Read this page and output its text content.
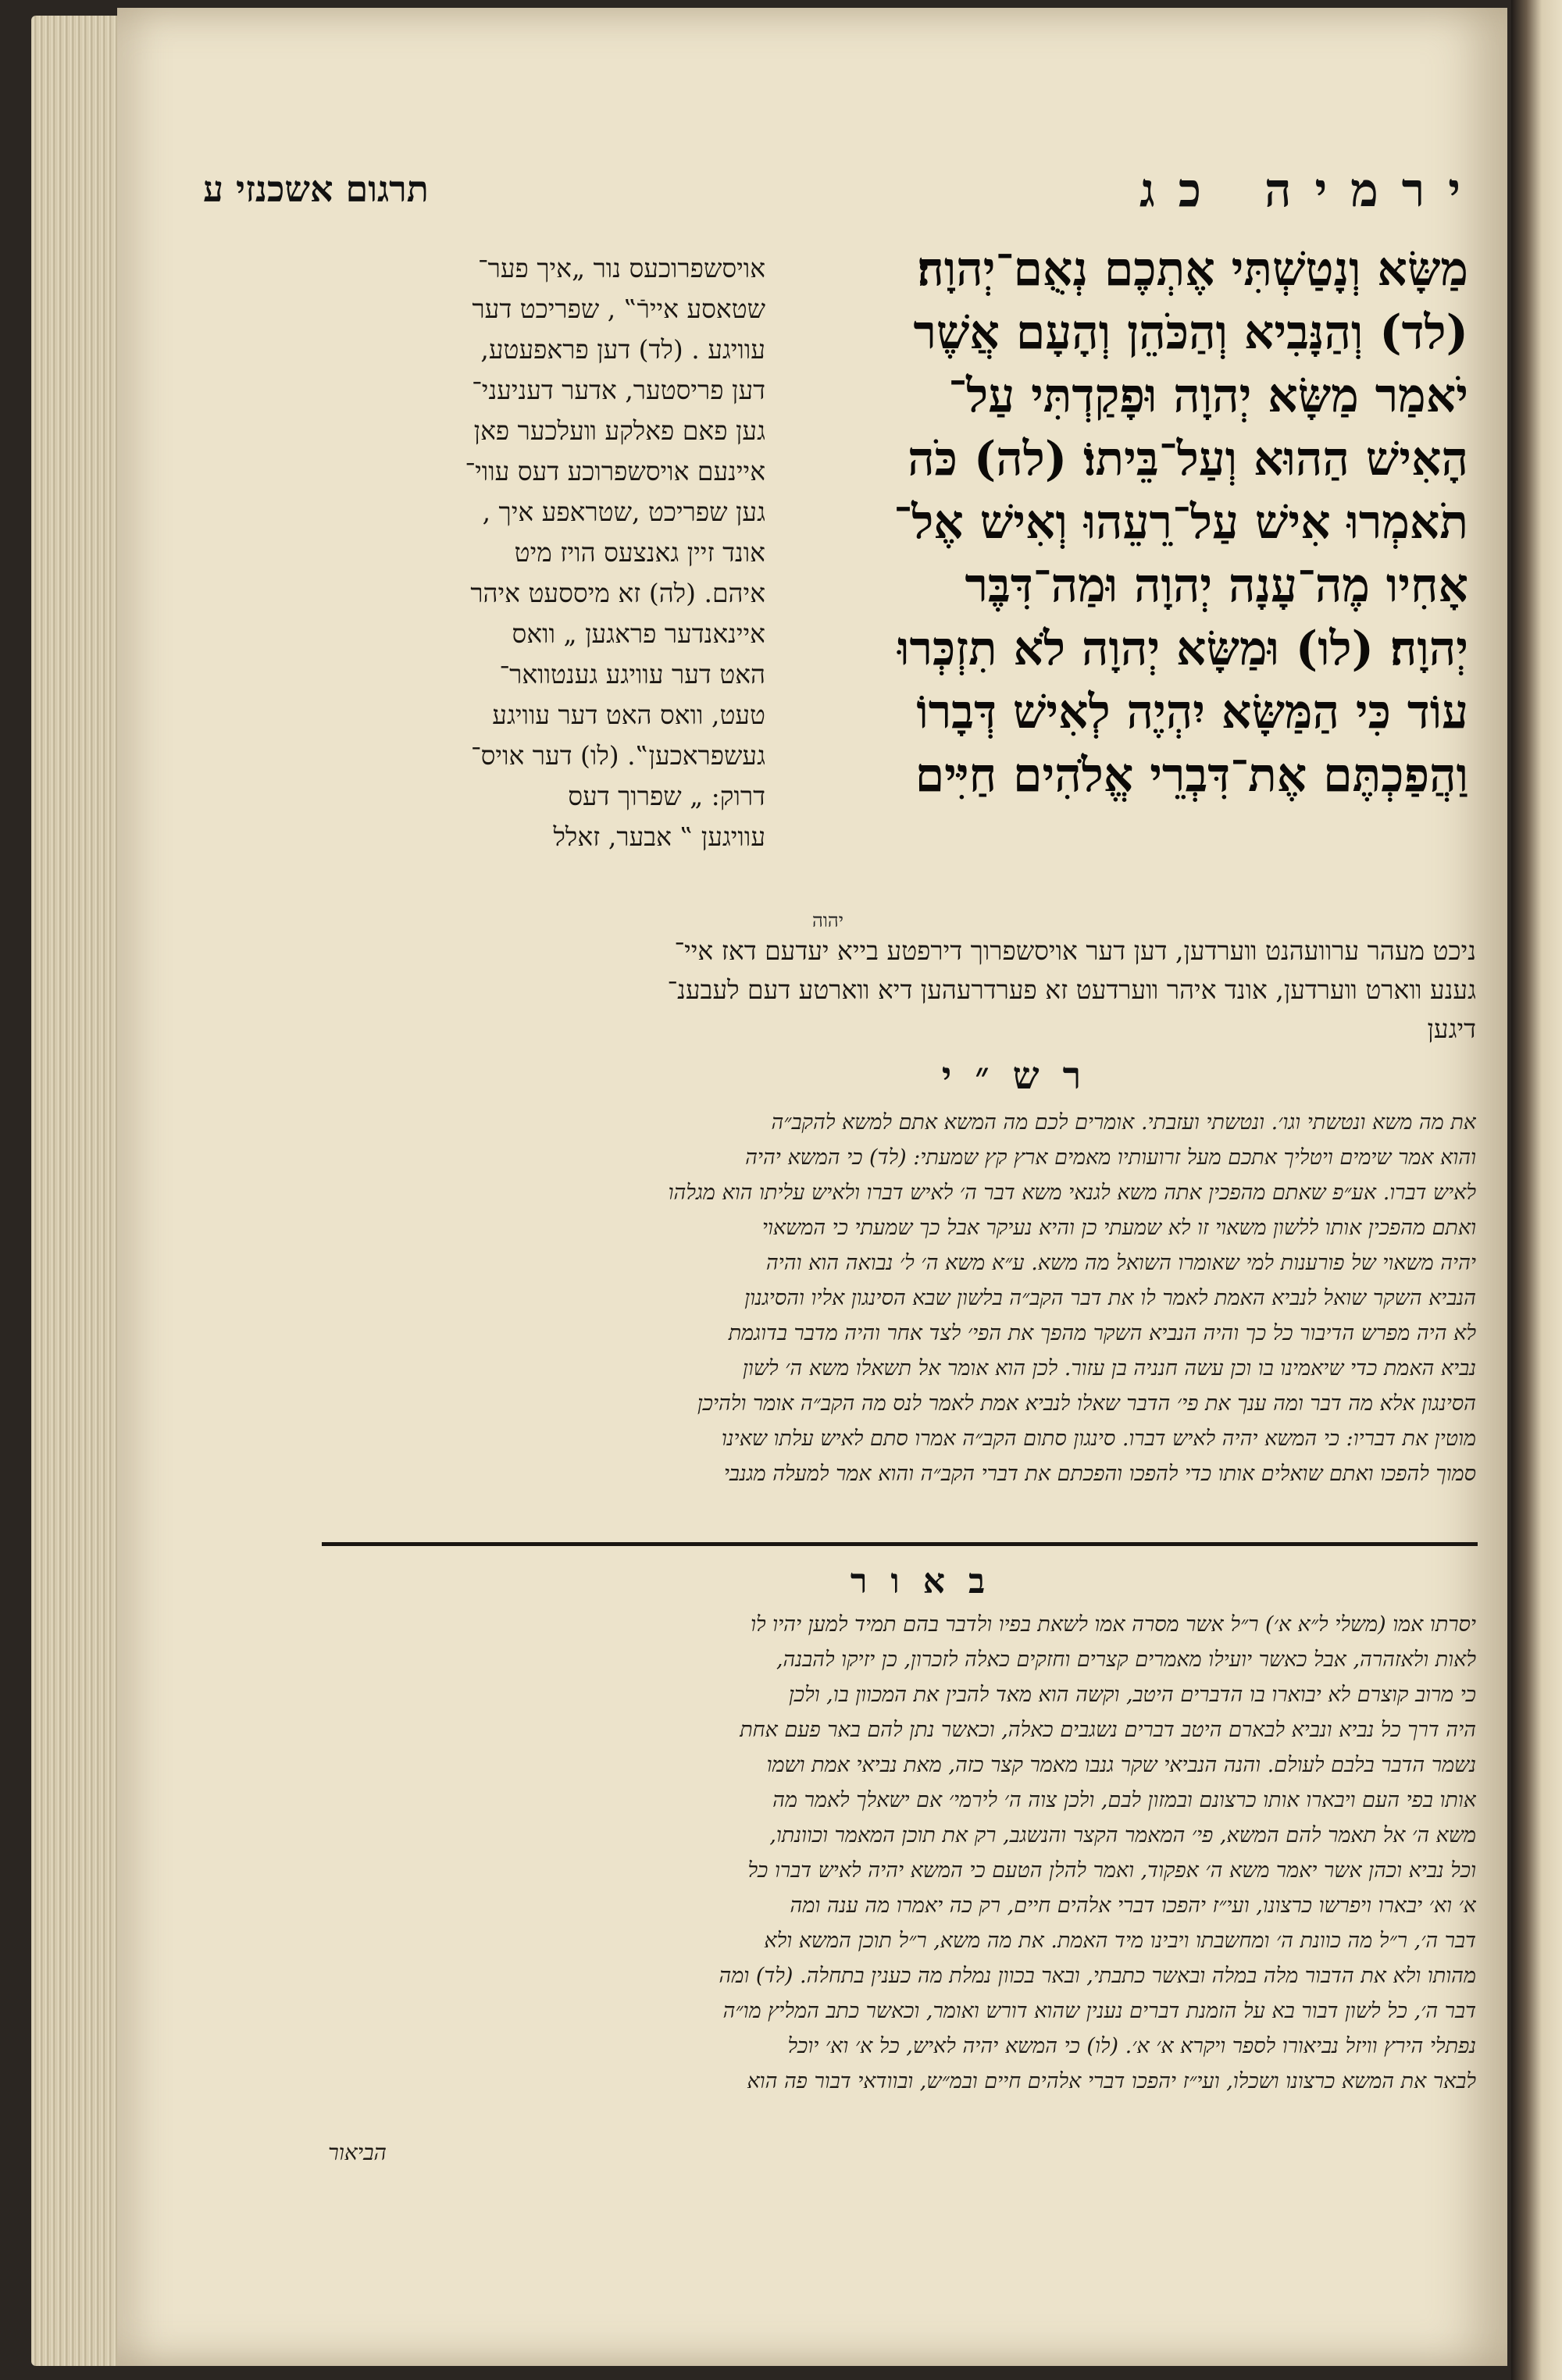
תרגום אשכנזי ע	ירמיה כג
מַשָּׂא וְנָטַשְׁתִּי אֶתְכֶם נְאֻם־יְהוָה׃
(לד) וְהַנָּבִיא וְהַכֹּהֵן וְהָעָם אֲשֶׁר
יֹאמַר מַשָּׂא יְהוָה וּפָקַדְתִּי עַל־
הָאִישׁ הַהוּא וְעַל־בֵּיתוֹ׃ (לה) כֹּה
תֹאמְרוּ אִישׁ עַל־רֵעֵהוּ וְאִישׁ אֶל־
אָחִיו מֶה־עָנָה יְהוָה וּמַה־דִּבֶּר
יְהוָה׃ (לו) וּמַשָּׂא יְהוָה לֹא תִזְכְּרוּ
עוֹד כִּי הַמַּשָּׂא יִהְיֶה לְאִישׁ דְּבָרוֹ
וַהֲפַכְתֶּם אֶת־דִּבְרֵי אֱלֹהִים חַיִּים
יהוה
אויסשפרוכעס נור „איך פער־
שטאסע איירֿ‟ , שפריכט דער
עוויגע . (לד) דען פראפעטע,
דען פריסטער, אדער דעניעני־
גען פאם פאלקע װעלכער פאן
איינעם אויסשפרוכע דעס עווי־
גען שפריכט ,שטראפע איך ,
אונד זיין גאנצעס הויז מיט
איהם. (לה) זא מיססעט איהר
איינאנדער פראגען „ וואס
האט דער עוויגע גענטוואר־
טעט, וואס האט דער עוויגע
געשפראכען‟. (לו) דער אויס־
דרוק: „ שפרוך דעס
עוויגען ‟ אבער, זאלל
ניכט מעהר ערוועהנט װערדען, דען דער אויסשפרוך דירפטע בייא יעדעם דאז איי־
גענע װארט װערדען, אונד איהר װערדעט זא פערדרעהען דיא װארטע דעם לעבענ־
דיגען
רש״י
את מה משא ונטשתי וגו׳. ונטשתי ועזבתי. אומרים לכם מה המשא אתם למשא להקב״ה
והוא אמר שימים ויטליך אתכם מעל זרועותיו מאמים ארץ קץ שמעתי: (לד) כי המשא יהיה
לאיש דברו. אע״פ שאתם מהפכין אתה משא לגנאי משא דבר ה׳ לאיש דברו ולאיש עליתו הוא מגלהו
ואתם מהפכין אותו ללשון משאוי זו לא שמעתי כן והיא נעיקר אבל כך שמעתי כי המשאוי
יהיה משאוי של פורענות למי שאומרו השואל מה משא. ע״א משא ה׳ ל׳ נבואה הוא והיה
הנביא השקר שואל לנביא האמת לאמר לו את דבר הקב״ה בלשון שבא הסינגון אליו והסיגנון
לא היה מפרש הדיבור כל כך והיה הנביא השקר מהפך את הפי׳ לצד אחר והיה מדבר בדוגמת
נביא האמת כדי שיאמינו בו וכן עשה חנניה בן עזור. לכן הוא אומר אל תשאלו משא ה׳ לשון
הסינגון אלא מה דבר ומה ענך את פי׳ הדבר שאלו לנביא אמת לאמר לנס מה הקב״ה אומר ולהיכן
מוטין את דבריו: כי המשא יהיה לאיש דברו. סינגון סתום הקב״ה אמרו סתם לאיש עלתו שאינו
סמוך להפכו ואתם שואלים אותו כדי להפכו והפכתם את דברי הקב״ה והוא אמר למעלה מגנבי
באור
יסרתו אמו (משלי ל״א א׳) ר״ל אשר מסרה אמו לשאת בפיו ולדבר בהם תמיד למען יהיו לו
לאות ולאזהרה, אבל כאשר יועילו מאמרים קצרים וחזקים כאלה לזכרון, כן יזיקו להבנה,
כי מרוב קוצרם לא יבוארו בו הדברים היטב, וקשה הוא מאד להבין את המכוון בו, ולכן
היה דרך כל נביא ונביא לבארם היטב דברים נשגבים כאלה, וכאשר נתן להם באר פעם אחת
נשמר הדבר בלבם לעולם. והנה הנביאי שקר גנבו מאמר קצר כזה, מאת נביאי אמת ושמו
אותו בפי העם ויבארו אותו כרצונם ובמזון לבם, ולכן צוה ה׳ לירמי׳ אם ישאלך לאמר מה
משא ה׳ אל תאמר להם המשא, פי׳ המאמר הקצר והנשגב, רק את תוכן המאמר וכוונתו,
וכל נביא וכהן אשר יאמר משא ה׳ אפקוד, ואמר להלן הטעם כי המשא יהיה לאיש דברו כל
א׳ וא׳ יבארו ויפרשו כרצונו, ועי״ז יהפכו דברי אלהים חיים, רק כה יאמרו מה ענה ומה
דבר ה׳, ר״ל מה כוונת ה׳ ומחשבתו ויבינו מיד האמת. את מה משא, ר״ל תוכן המשא ולא
מהותו ולא את הדבור מלה במלה ובאשר כתבתי, ובאר בכוון נמלת מה כענין בתחלה. (לד) ומה
דבר ה׳, כל לשון דבור בא על הזמנת דברים נענין שהוא דורש ואומר, וכאשר כתב המליץ מו״ה
נפתלי הירץ וויזל נביאורו לספר ויקרא א׳ א׳. (לו) כי המשא יהיה לאיש, כל א׳ וא׳ יוכל
לבאר את המשא כרצונו ושכלו, ועי״ז יהפכו דברי אלהים חיים ובמ״ש, ובוודאי דבור פה הוא
הביאור
